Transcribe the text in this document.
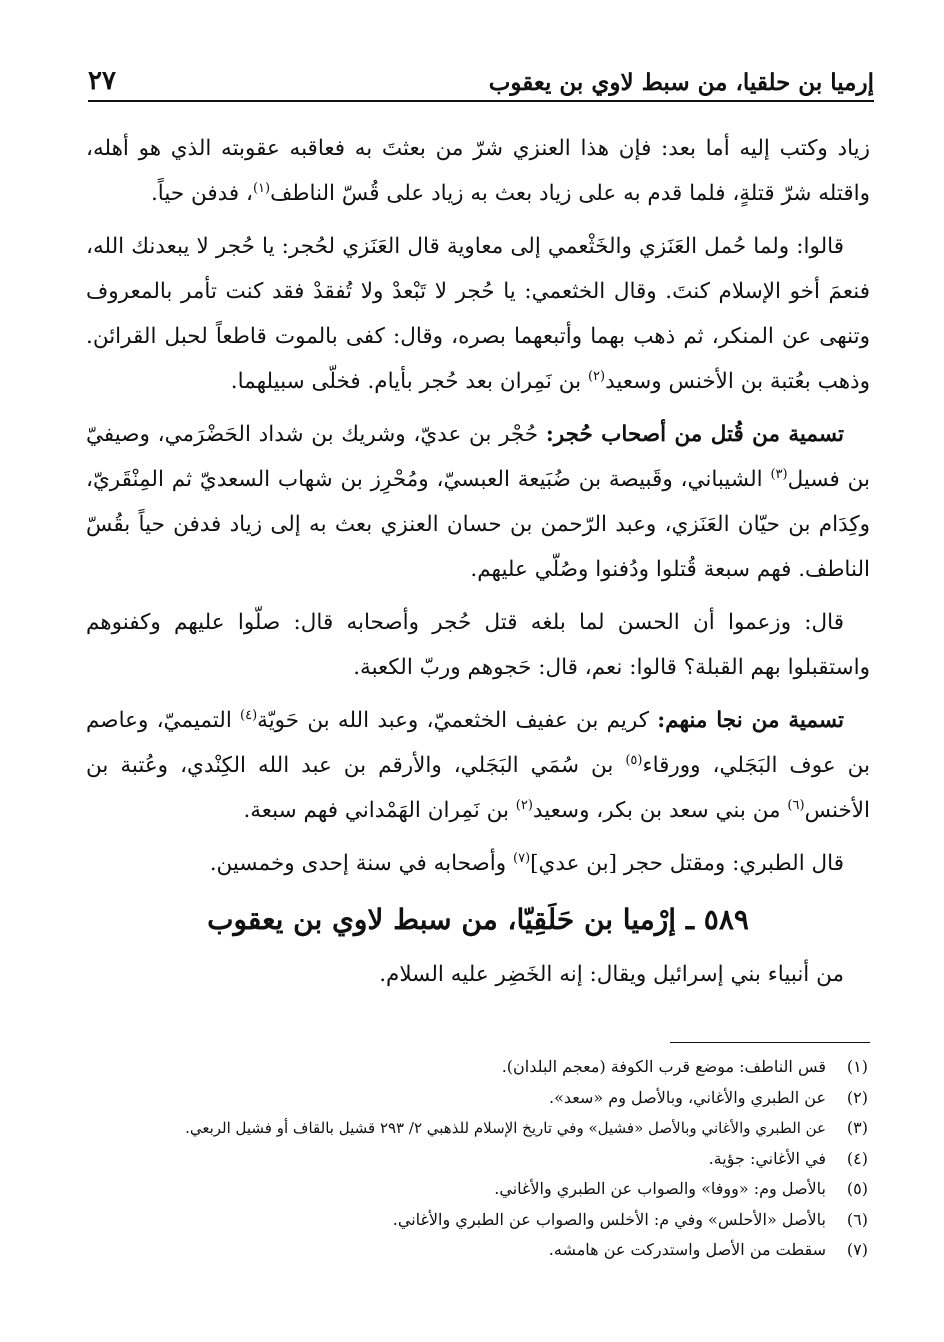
إرميا بن حلقيا، من سبط لاوي بن يعقوب
٢٧

زياد وكتب إليه أما بعد: فإن هذا العنزي شرّ من بعثتَ به فعاقبه عقوبته الذي هو أهله، واقتله شرّ قتلةٍ، فلما قدم به على زياد بعث به زياد على قُسّ الناطف$^{(١)}$، فدفن حياً.

قالوا: ولما حُمل العَنَزي والخَثْعمي إلى معاوية قال العَنَزي لحُجر: يا حُجر لا يبعدنك الله، فنعمَ أخو الإسلام كنتَ. وقال الخثعمي: يا حُجر لا تَبْعدْ ولا تُفقدْ فقد كنت تأمر بالمعروف وتنهى عن المنكر، ثم ذهب بهما وأتبعهما بصره، وقال: كفى بالموت قاطعاً لحبل القرائن. وذهب بعُتبة بن الأخنس وسعيد$^{(٢)}$ بن نَمِران بعد حُجر بأيام. فخلّى سبيلهما.

تسمية من قُتل من أصحاب حُجر: حُجْر بن عديّ، وشريك بن شداد الحَضْرَمي، وصيفيّ بن فسيل$^{(٣)}$ الشيباني، وقَبيصة بن ضُبَيعة العبسيّ، ومُحْرِز بن شهاب السعديّ ثم المِنْقَريّ، وكِدَام بن حيّان العَنَزي، وعبد الرّحمن بن حسان العنزي بعث به إلى زياد فدفن حياً بقُسّ الناطف. فهم سبعة قُتلوا ودُفنوا وصُلّي عليهم.

قال: وزعموا أن الحسن لما بلغه قتل حُجر وأصحابه قال: صلّوا عليهم وكفنوهم واستقبلوا بهم القبلة؟ قالوا: نعم، قال: حَجوهم وربّ الكعبة.

تسمية من نجا منهم: كريم بن عفيف الخثعميّ، وعبد الله بن حَويّة$^{(٤)}$ التميميّ، وعاصم بن عوف البَجَلي، وورقاء$^{(٥)}$ بن سُمَي البَجَلي، والأرقم بن عبد الله الكِنْدي، وعُتبة بن الأخنس$^{(٦)}$ من بني سعد بن بكر، وسعيد$^{(٢)}$ بن نَمِران الهَمْداني فهم سبعة.

قال الطبري: ومقتل حجر [بن عدي]$^{(٧)}$ وأصحابه في سنة إحدى وخمسين.

٥٨٩ ـ إرْميا بن حَلَقِيّا، من سبط لاوي بن يعقوب

من أنبياء بني إسرائيل ويقال: إنه الخَضِر عليه السلام.

(١)
قس الناطف: موضع قرب الكوفة (معجم البلدان).
(٢)
عن الطبري والأغاني، وبالأصل وم «سعد».
(٣)
عن الطبري والأغاني وبالأصل «فشيل» وفي تاريخ الإسلام للذهبي ٢/ ٢٩٣ قشيل بالقاف أو فشيل الربعي.
(٤)
في الأغاني: جؤية.
(٥)
بالأصل وم: «ووفا» والصواب عن الطبري والأغاني.
(٦)
بالأصل «الأحلس» وفي م: الأخلس والصواب عن الطبري والأغاني.
(٧)
سقطت من الأصل واستدركت عن هامشه.
